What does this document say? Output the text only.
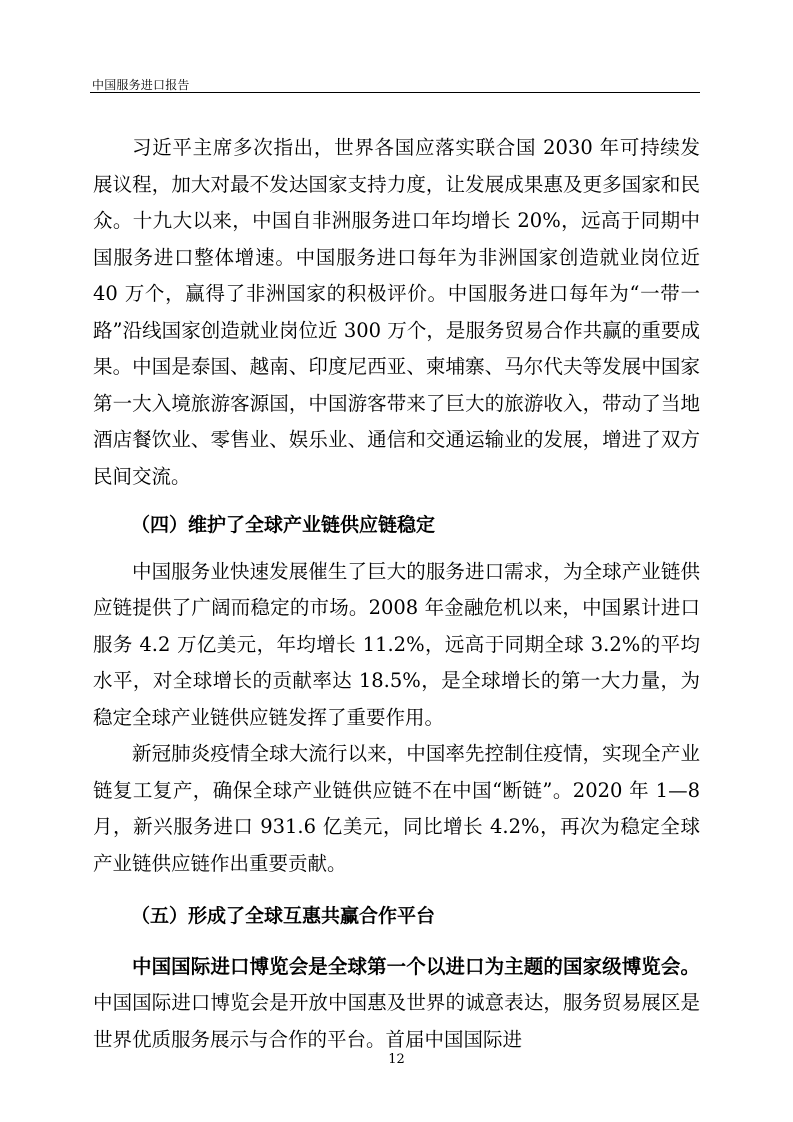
中国服务进口报告

习近平主席多次指出，世界各国应落实联合国 2030 年可持续发展议程，加大对最不发达国家支持力度，让发展成果惠及更多国家和民众。十九大以来，中国自非洲服务进口年均增长 20%，远高于同期中国服务进口整体增速。中国服务进口每年为非洲国家创造就业岗位近 40 万个，赢得了非洲国家的积极评价。中国服务进口每年为“一带一路”沿线国家创造就业岗位近 300 万个，是服务贸易合作共赢的重要成果。中国是泰国、越南、印度尼西亚、柬埔寨、马尔代夫等发展中国家第一大入境旅游客源国，中国游客带来了巨大的旅游收入，带动了当地酒店餐饮业、零售业、娱乐业、通信和交通运输业的发展，增进了双方民间交流。

（四）维护了全球产业链供应链稳定

中国服务业快速发展催生了巨大的服务进口需求，为全球产业链供应链提供了广阔而稳定的市场。2008 年金融危机以来，中国累计进口服务 4.2 万亿美元，年均增长 11.2%，远高于同期全球 3.2%的平均水平，对全球增长的贡献率达 18.5%，是全球增长的第一大力量，为稳定全球产业链供应链发挥了重要作用。

新冠肺炎疫情全球大流行以来，中国率先控制住疫情，实现全产业链复工复产，确保全球产业链供应链不在中国“断链”。2020 年 1—8 月，新兴服务进口 931.6 亿美元，同比增长 4.2%，再次为稳定全球产业链供应链作出重要贡献。

（五）形成了全球互惠共赢合作平台

中国国际进口博览会是全球第一个以进口为主题的国家级博览会。中国国际进口博览会是开放中国惠及世界的诚意表达，服务贸易展区是世界优质服务展示与合作的平台。首届中国国际进

12
